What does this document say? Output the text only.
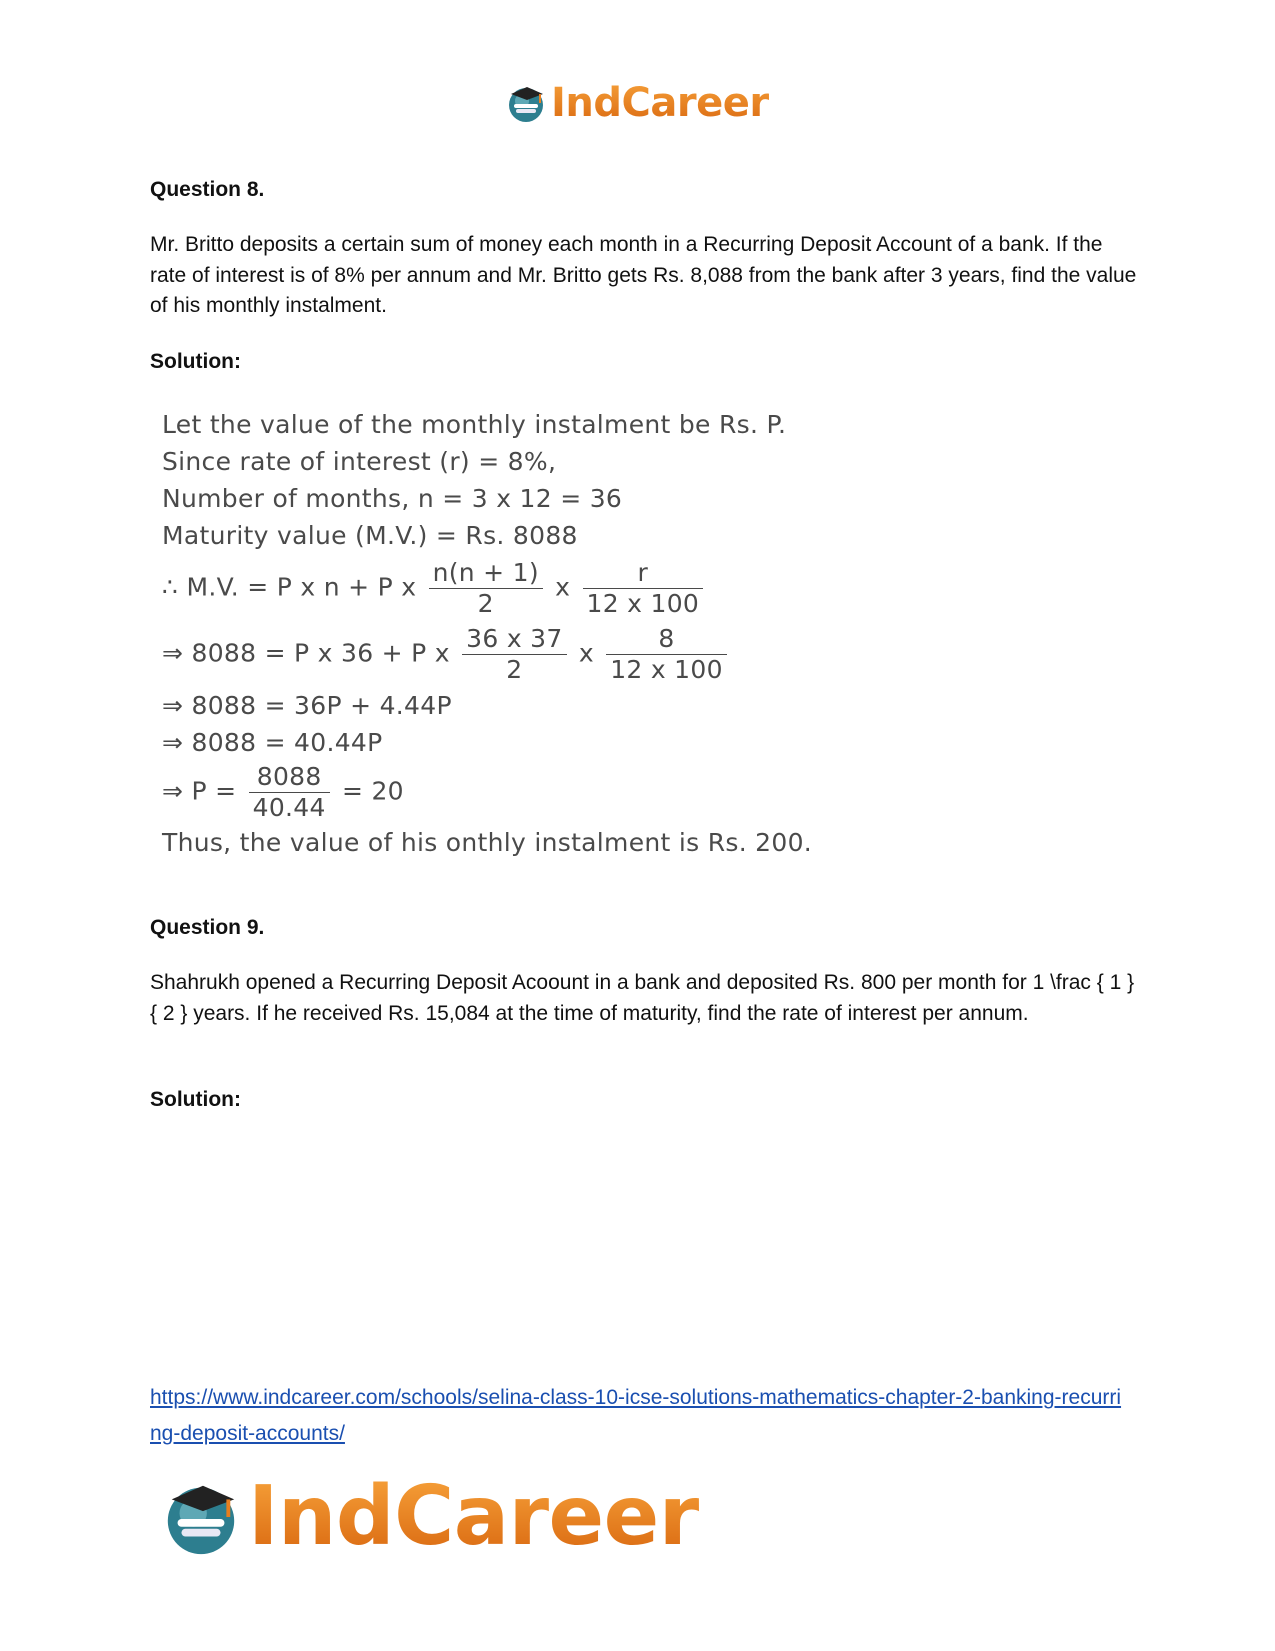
IndCareer
Question 8.
Mr. Britto deposits a certain sum of money each month in a Recurring Deposit Account of a bank. If the rate of interest is of 8% per annum and Mr. Britto gets Rs. 8,088 from the bank after 3 years, find the value of his monthly instalment.
Solution:
Let the value of the monthly instalment be Rs. P.
Since rate of interest (r) = 8%,
Number of months, n = 3 x 12 = 36
Maturity value (M.V.) = Rs. 8088
∴ M.V. = P x n + P x $\frac{n(n + 1)}{2}$ x $\frac{r}{12 x 100}$
⇒ 8088 = P x 36 + P x $\frac{36 x 37}{2}$ x $\frac{8}{12 x 100}$
⇒ 8088 = 36P + 4.44P
⇒ 8088 = 40.44P
⇒ $P = \frac{8088}{40.44} = 20$
Thus, the value of his onthly instalment is Rs. 200.
Question 9.
Shahrukh opened a Recurring Deposit Acoount in a bank and deposited Rs. 800 per month for 1 \frac { 1 }{ 2 } years. If he received Rs. 15,084 at the time of maturity, find the rate of interest per annum.
Solution:
https://www.indcareer.com/schools/selina-class-10-icse-solutions-mathematics-chapter-2-banking-recurring-deposit-accounts/
IndCareer
